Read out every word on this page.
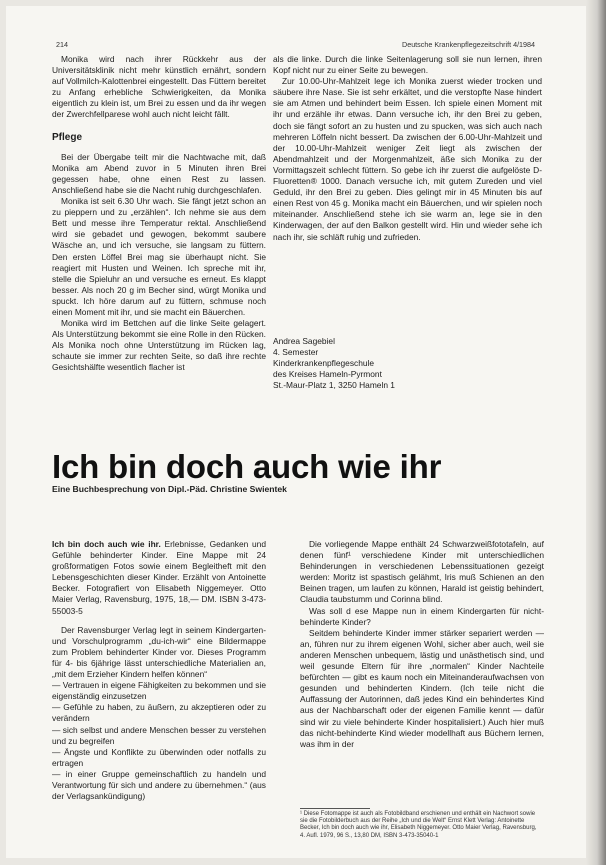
214	Deutsche Krankenpflegezeitschrift 4/1984

Monika wird nach ihrer Rückkehr aus der Universitätsklinik nicht mehr künstlich ernährt, sondern auf Vollmilch-Kalottenbrei eingestellt. Das Füttern bereitet zu Anfang erhebliche Schwierigkeiten, da Monika eigentlich zu klein ist, um Brei zu essen und da ihr wegen der Zwerchfellparese wohl auch nicht leicht fällt.

Pflege

Bei der Übergabe teilt mir die Nachtwache mit, daß Monika am Abend zuvor in 5 Minuten ihren Brei gegessen habe, ohne einen Rest zu lassen. Anschließend habe sie die Nacht ruhig durchgeschlafen.

Monika ist seit 6.30 Uhr wach. Sie fängt jetzt schon an zu pieppern und zu „erzählen“. Ich nehme sie aus dem Bett und messe ihre Temperatur rektal. Anschließend wird sie gebadet und gewogen, bekommt saubere Wäsche an, und ich versuche, sie langsam zu füttern. Den ersten Löffel Brei mag sie überhaupt nicht. Sie reagiert mit Husten und Weinen. Ich spreche mit ihr, stelle die Spieluhr an und versuche es erneut. Es klappt besser. Als noch 20 g im Becher sind, würgt Monika und spuckt. Ich höre darum auf zu füttern, schmuse noch einen Moment mit ihr, und sie macht ein Bäuerchen.

Monika wird im Bettchen auf die linke Seite gelagert. Als Unterstützung bekommt sie eine Rolle in den Rücken. Als Monika noch ohne Unterstützung im Rücken lag, schaute sie immer zur rechten Seite, so daß ihre rechte Gesichtshälfte wesentlich flacher ist

als die linke. Durch die linke Seitenlagerung soll sie nun lernen, ihren Kopf nicht nur zu einer Seite zu bewegen.

Zur 10.00-Uhr-Mahlzeit lege ich Monika zuerst wieder trocken und säubere ihre Nase. Sie ist sehr erkältet, und die verstopfte Nase hindert sie am Atmen und behindert beim Essen. Ich spiele einen Moment mit ihr und erzähle ihr etwas. Dann versuche ich, ihr den Brei zu geben, doch sie fängt sofort an zu husten und zu spucken, was sich auch nach mehreren Löffeln nicht bessert. Da zwischen der 6.00-Uhr-Mahlzeit und der 10.00-Uhr-Mahlzeit weniger Zeit liegt als zwischen der Abendmahlzeit und der Morgenmahlzeit, äße sich Monika zu der Vormittagszeit schlecht füttern. So gebe ich ihr zuerst die aufgelöste D-Fluoretten® 1000. Danach versuche ich, mit gutem Zureden und viel Geduld, ihr den Brei zu geben. Dies gelingt mir in 45 Minuten bis auf einen Rest von 45 g. Monika macht ein Bäuerchen, und wir spielen noch miteinander. Anschließend stehe ich sie warm an, lege sie in den Kinderwagen, der auf den Balkon gestellt wird. Hin und wieder sehe ich nach ihr, sie schläft ruhig und zufrieden.

Andrea Sagebiel
4. Semester
Kinderkrankenpflegeschule
des Kreises Hameln-Pyrmont
St.-Maur-Platz 1, 3250 Hameln 1
Ich bin doch auch wie ihr
Eine Buchbesprechung von Dipl.-Päd. Christine Swientek

Ich bin doch auch wie ihr. Erlebnisse, Gedanken und Gefühle behinderter Kinder. Eine Mappe mit 24 großformatigen Fotos sowie einem Begleitheft mit den Lebensgeschichten dieser Kinder. Erzählt von Antoinette Becker. Fotografiert von Elisabeth Niggemeyer. Otto Maier Verlag, Ravensburg, 1975, 18,— DM. ISBN 3-473-55003-5

Der Ravensburger Verlag legt in seinem Kindergarten- und Vorschulprogramm „du-ich-wir“ eine Bildermappe zum Problem behinderter Kinder vor. Dieses Programm für 4- bis 6jährige lässt unterschiedliche Materialien an, „mit dem Erzieher Kindern helfen können“

— Vertrauen in eigene Fähigkeiten zu bekommen und sie eigenständig einzusetzen

— Gefühle zu haben, zu äußern, zu akzeptieren oder zu verändern

— sich selbst und andere Menschen besser zu verstehen und zu begreifen

— Ängste und Konflikte zu überwinden oder notfalls zu ertragen

— in einer Gruppe gemeinschaftlich zu handeln und Verantwortung für sich und andere zu übernehmen.“ (aus der Verlagsankündigung)

Die vorliegende Mappe enthält 24 Schwarzweißfototafeln, auf denen fünf¹ verschiedene Kinder mit unterschiedlichen Behinderungen in verschiedenen Lebenssituationen gezeigt werden: Moritz ist spastisch gelähmt, Iris muß Schienen an den Beinen tragen, um laufen zu können, Harald ist geistig behindert, Claudia taubstumm und Corinna blind.

Was soll d ese Mappe nun in einem Kindergarten für nicht-behinderte Kinder?

Seitdem behinderte Kinder immer stärker separiert werden — an, führen nur zu ihrem eigenen Wohl, sicher aber auch, weil sie anderen Menschen unbequem, lästig und unästhetisch sind, und weil gesunde Eltern für ihre „normalen“ Kinder Nachteile befürchten — gibt es kaum noch ein Miteinanderaufwachsen von gesunden und behinderten Kindern. (Ich teile nicht die Auffassung der Autorinnen, daß jedes Kind ein behindertes Kind aus der Nachbarschaft oder der eigenen Familie kennt — dafür sind wir zu viele behinderte Kinder hospitalisiert.) Auch hier muß das nicht-behinderte Kind wieder modellhaft aus Büchern lernen, was ihm in der

¹ Diese Fotomappe ist auch als Fotobildband erschienen und enthält ein Nachwort sowie sie die Fotobilderbuch aus der Reihe „Ich und die Welt“ Ernst Klett Verlag: Antoinette Becker, Ich bin doch auch wie ihr, Elisabeth Niggemeyer. Otto Maier Verlag, Ravensburg, 4. Aufl. 1979, 96 S., 13,80 DM, ISBN 3-473-35040-1
